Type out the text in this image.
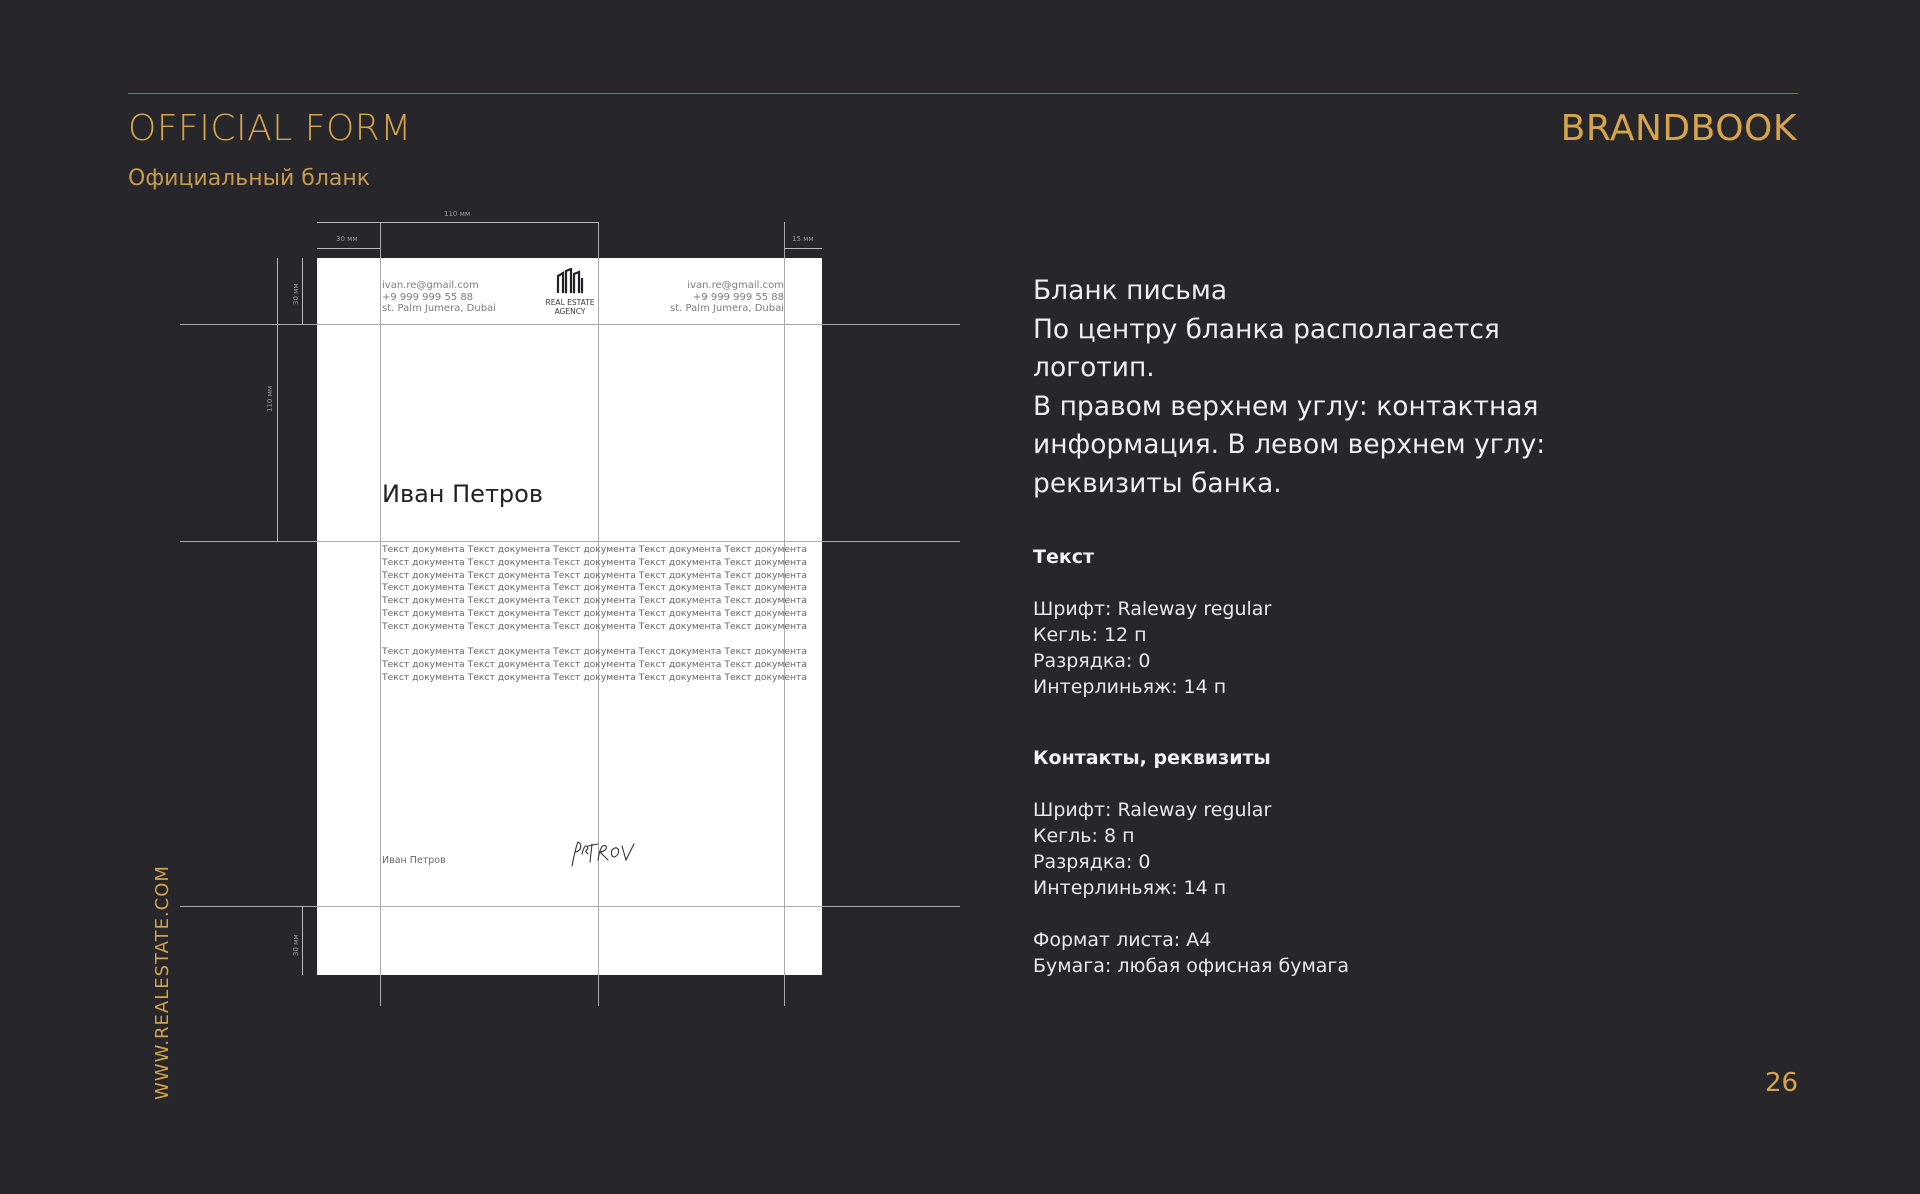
OFFICIAL FORM
Официальный бланк
BRANDBOOK
WWW.REALESTATE.COM	26
110 мм
30 мм	15 мм
30 мм
110 мм
30 мм
ivan.re@gmail.com
+9 999 999 55 88
st. Palm Jumera, Dubai
ivan.re@gmail.com
+9 999 999 55 88
st. Palm Jumera, Dubai
REAL ESTATE
AGENCY
Иван Петров
Текст документа Текст документа Текст документа Текст документа Текст документа
Текст документа Текст документа Текст документа Текст документа Текст документа
Текст документа Текст документа Текст документа Текст документа Текст документа
Текст документа Текст документа Текст документа Текст документа Текст документа
Текст документа Текст документа Текст документа Текст документа Текст документа
Текст документа Текст документа Текст документа Текст документа Текст документа
Текст документа Текст документа Текст документа Текст документа Текст документа
Текст документа Текст документа Текст документа Текст документа Текст документа
Текст документа Текст документа Текст документа Текст документа Текст документа
Текст документа Текст документа Текст документа Текст документа Текст документа
Иван Петров
Бланк письма
По центру бланка располагается
логотип.
В правом верхнем углу: контактная
информация. В левом верхнем углу:
реквизиты банка.
Текст
Шрифт: Raleway regular
Кегль: 12 п
Разрядка: 0
Интерлиньяж: 14 п
Контакты, реквизиты
Шрифт: Raleway regular
Кегль: 8 п
Разрядка: 0
Интерлиньяж: 14 п
Формат листа: А4
Бумага: любая офисная бумага
